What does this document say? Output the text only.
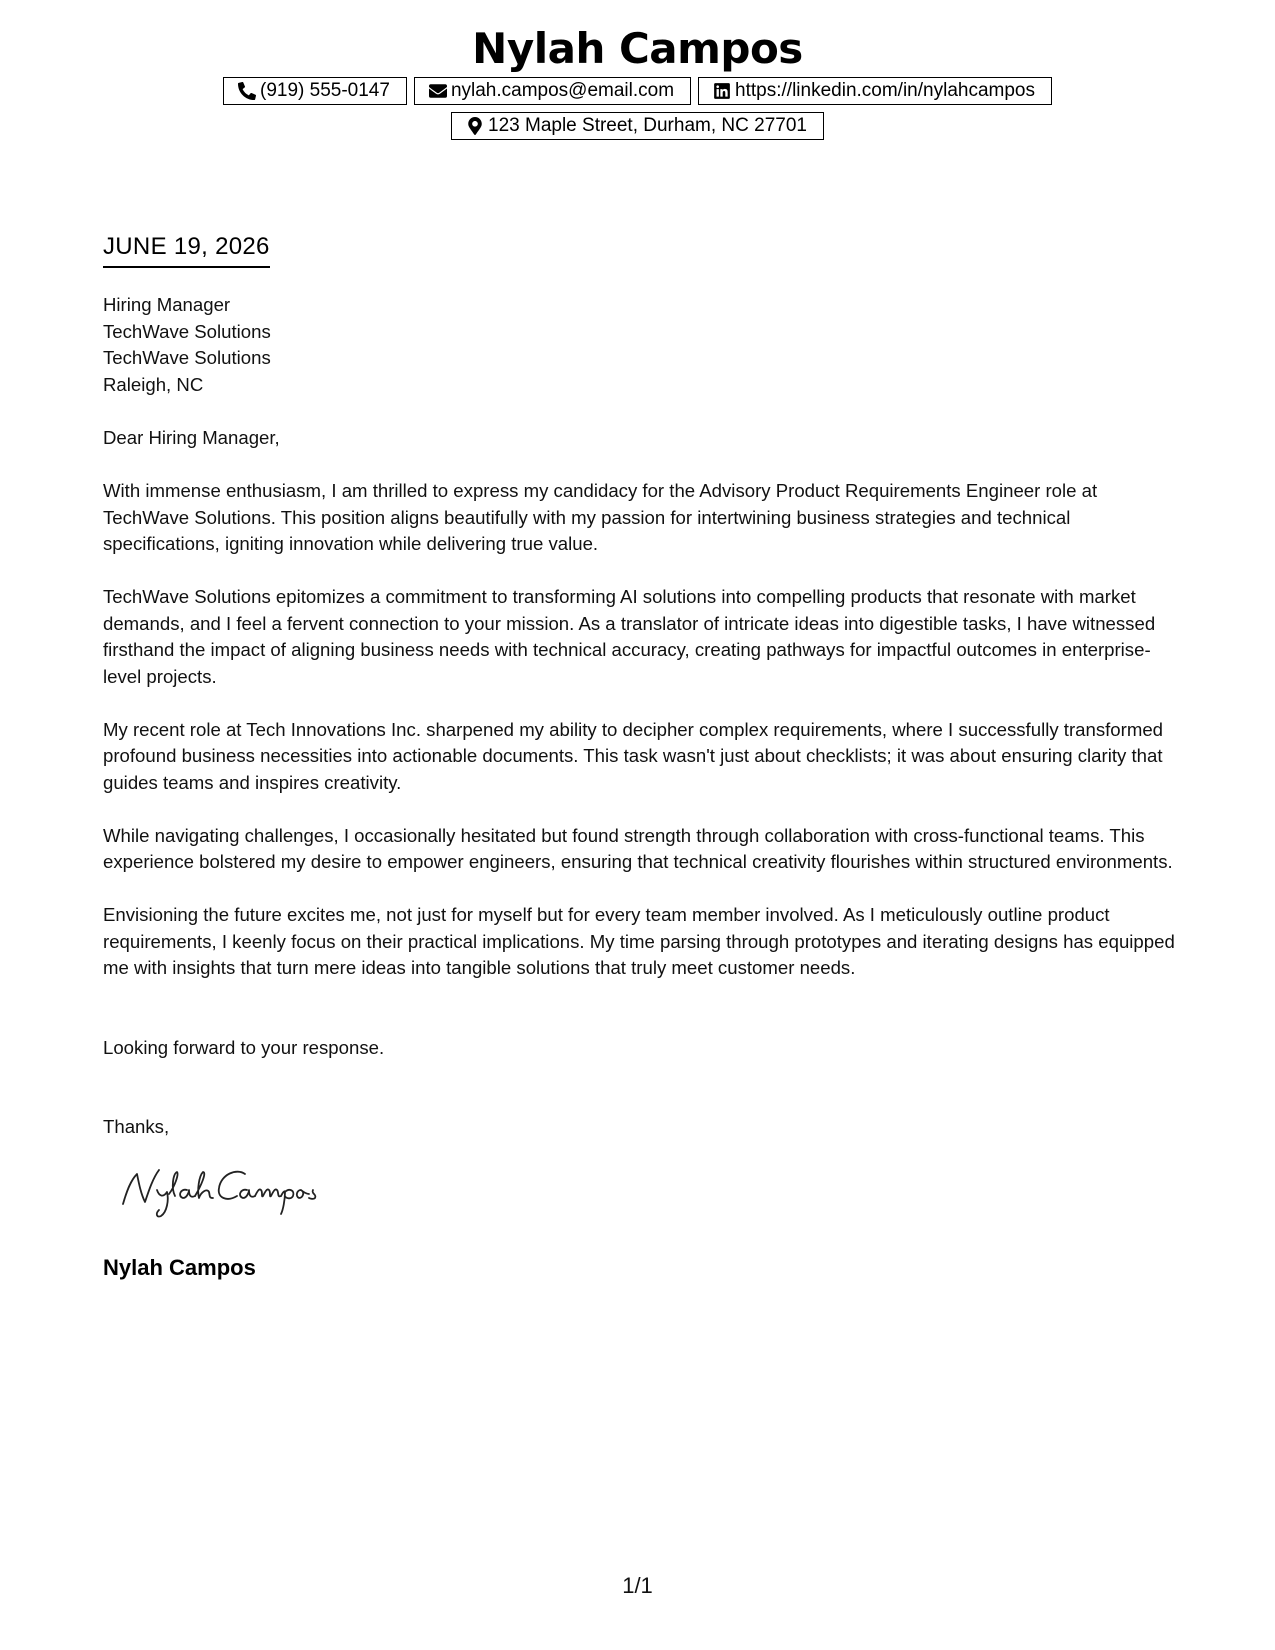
Nylah Campos
(919) 555-0147	nylah.campos@email.com	https://linkedin.com/in/nylahcampos
123 Maple Street, Durham, NC 27701
JUNE 19, 2026
Hiring Manager
TechWave Solutions
TechWave Solutions
Raleigh, NC
Dear Hiring Manager,

With immense enthusiasm, I am thrilled to express my candidacy for the Advisory Product Requirements Engineer role at TechWave Solutions. This position aligns beautifully with my passion for intertwining business strategies and technical specifications, igniting innovation while delivering true value.

TechWave Solutions epitomizes a commitment to transforming AI solutions into compelling products that resonate with market demands, and I feel a fervent connection to your mission. As a translator of intricate ideas into digestible tasks, I have witnessed firsthand the impact of aligning business needs with technical accuracy, creating pathways for impactful outcomes in enterprise-level projects.

My recent role at Tech Innovations Inc. sharpened my ability to decipher complex requirements, where I successfully transformed profound business necessities into actionable documents. This task wasn't just about checklists; it was about ensuring clarity that guides teams and inspires creativity.

While navigating challenges, I occasionally hesitated but found strength through collaboration with cross-functional teams. This experience bolstered my desire to empower engineers, ensuring that technical creativity flourishes within structured environments.

Envisioning the future excites me, not just for myself but for every team member involved. As I meticulously outline product requirements, I keenly focus on their practical implications. My time parsing through prototypes and iterating designs has equipped me with insights that turn mere ideas into tangible solutions that truly meet customer needs.

Looking forward to your response.
Thanks,
Nylah Campos
1/1
